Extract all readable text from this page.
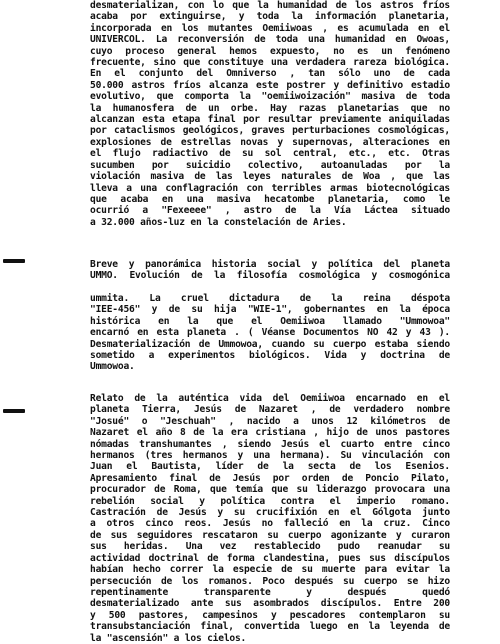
desmaterializan, con lo que la humanidad de los astros fríos
acaba por extinguirse, y toda la información planetaria,
incorporada en los mutantes Oemiiwoas , es acumulada en el
UNIVERCOL. La reconversión de toda una humanidad en Owoas,
cuyo proceso general hemos expuesto, no es un fenómeno
frecuente, sino que constituye una verdadera rareza biológica.
En el conjunto del Omniverso , tan sólo uno de cada
50.000 astros fríos alcanza este postrer y definitivo estadio
evolutivo, que comporta la "oemiiwoización" masiva de toda
la humanosfera de un orbe. Hay razas planetarias que no
alcanzan esta etapa final por resultar previamente aniquiladas
por cataclismos geológicos, graves perturbaciones cosmológicas,
explosiones de estrellas novas y supernovas, alteraciones en
el flujo radiactivo de su sol central, etc., etc. Otras
sucumben por suicidio colectivo, autoanuladas por la
violación masiva de las leyes naturales de Woa , que las
lleva a una conflagración con terribles armas biotecnológicas
que acaba en una masiva hecatombe planetaria, como le
ocurrió a "Fexeeee" , astro de la Vía Láctea situado
a 32.000 años-luz en la constelación de Aries.
Breve y panorámica historia social y política del planeta
UMMO. Evolución de la filosofía cosmológica y cosmogónica
ummita. La cruel dictadura de la reina déspota
"IEE-456" y de su hija "WIE-1", gobernantes en la época
histórica en la que el Oemiiwoa llamado "Ummowoa"
encarnó en esta planeta . ( Véanse Documentos NO 42 y 43 ).
Desmaterialización de Ummowoa, cuando su cuerpo estaba siendo
sometido a experimentos biológicos. Vida y doctrina de
Ummowoa.
Relato de la auténtica vida del Oemiiwoa encarnado en el
planeta Tierra, Jesús de Nazaret , de verdadero nombre
"Josué" o "Jeschuah" , nacido a unos 12 kilómetros de
Nazaret el año 8 de la era cristiana , hijo de unos pastores
nómadas transhumantes , siendo Jesús el cuarto entre cinco
hermanos (tres hermanos y una hermana). Su vinculación con
Juan el Bautista, líder de la secta de los Esenios.
Apresamiento final de Jesús por orden de Poncio Pilato,
procurador de Roma, que temía que su liderazgo provocara una
rebelión social y política contra el imperio romano.
Castración de Jesús y su crucifixión en el Gólgota junto
a otros cinco reos. Jesús no falleció en la cruz. Cinco
de sus seguidores rescataron su cuerpo agonizante y curaron
sus heridas. Una vez restablecido pudo reanudar su
actividad doctrinal de forma clandestina, pues sus discípulos
habían hecho correr la especie de su muerte para evitar la
persecución de los romanos. Poco después su cuerpo se hizo
repentinamente transparente y después quedó
desmaterializado ante sus asombrados discípulos. Entre 200
y 500 pastores, campesinos y pescadores contemplaron su
transubstanciación final, convertida luego en la leyenda de
la "ascensión" a los cielos.
